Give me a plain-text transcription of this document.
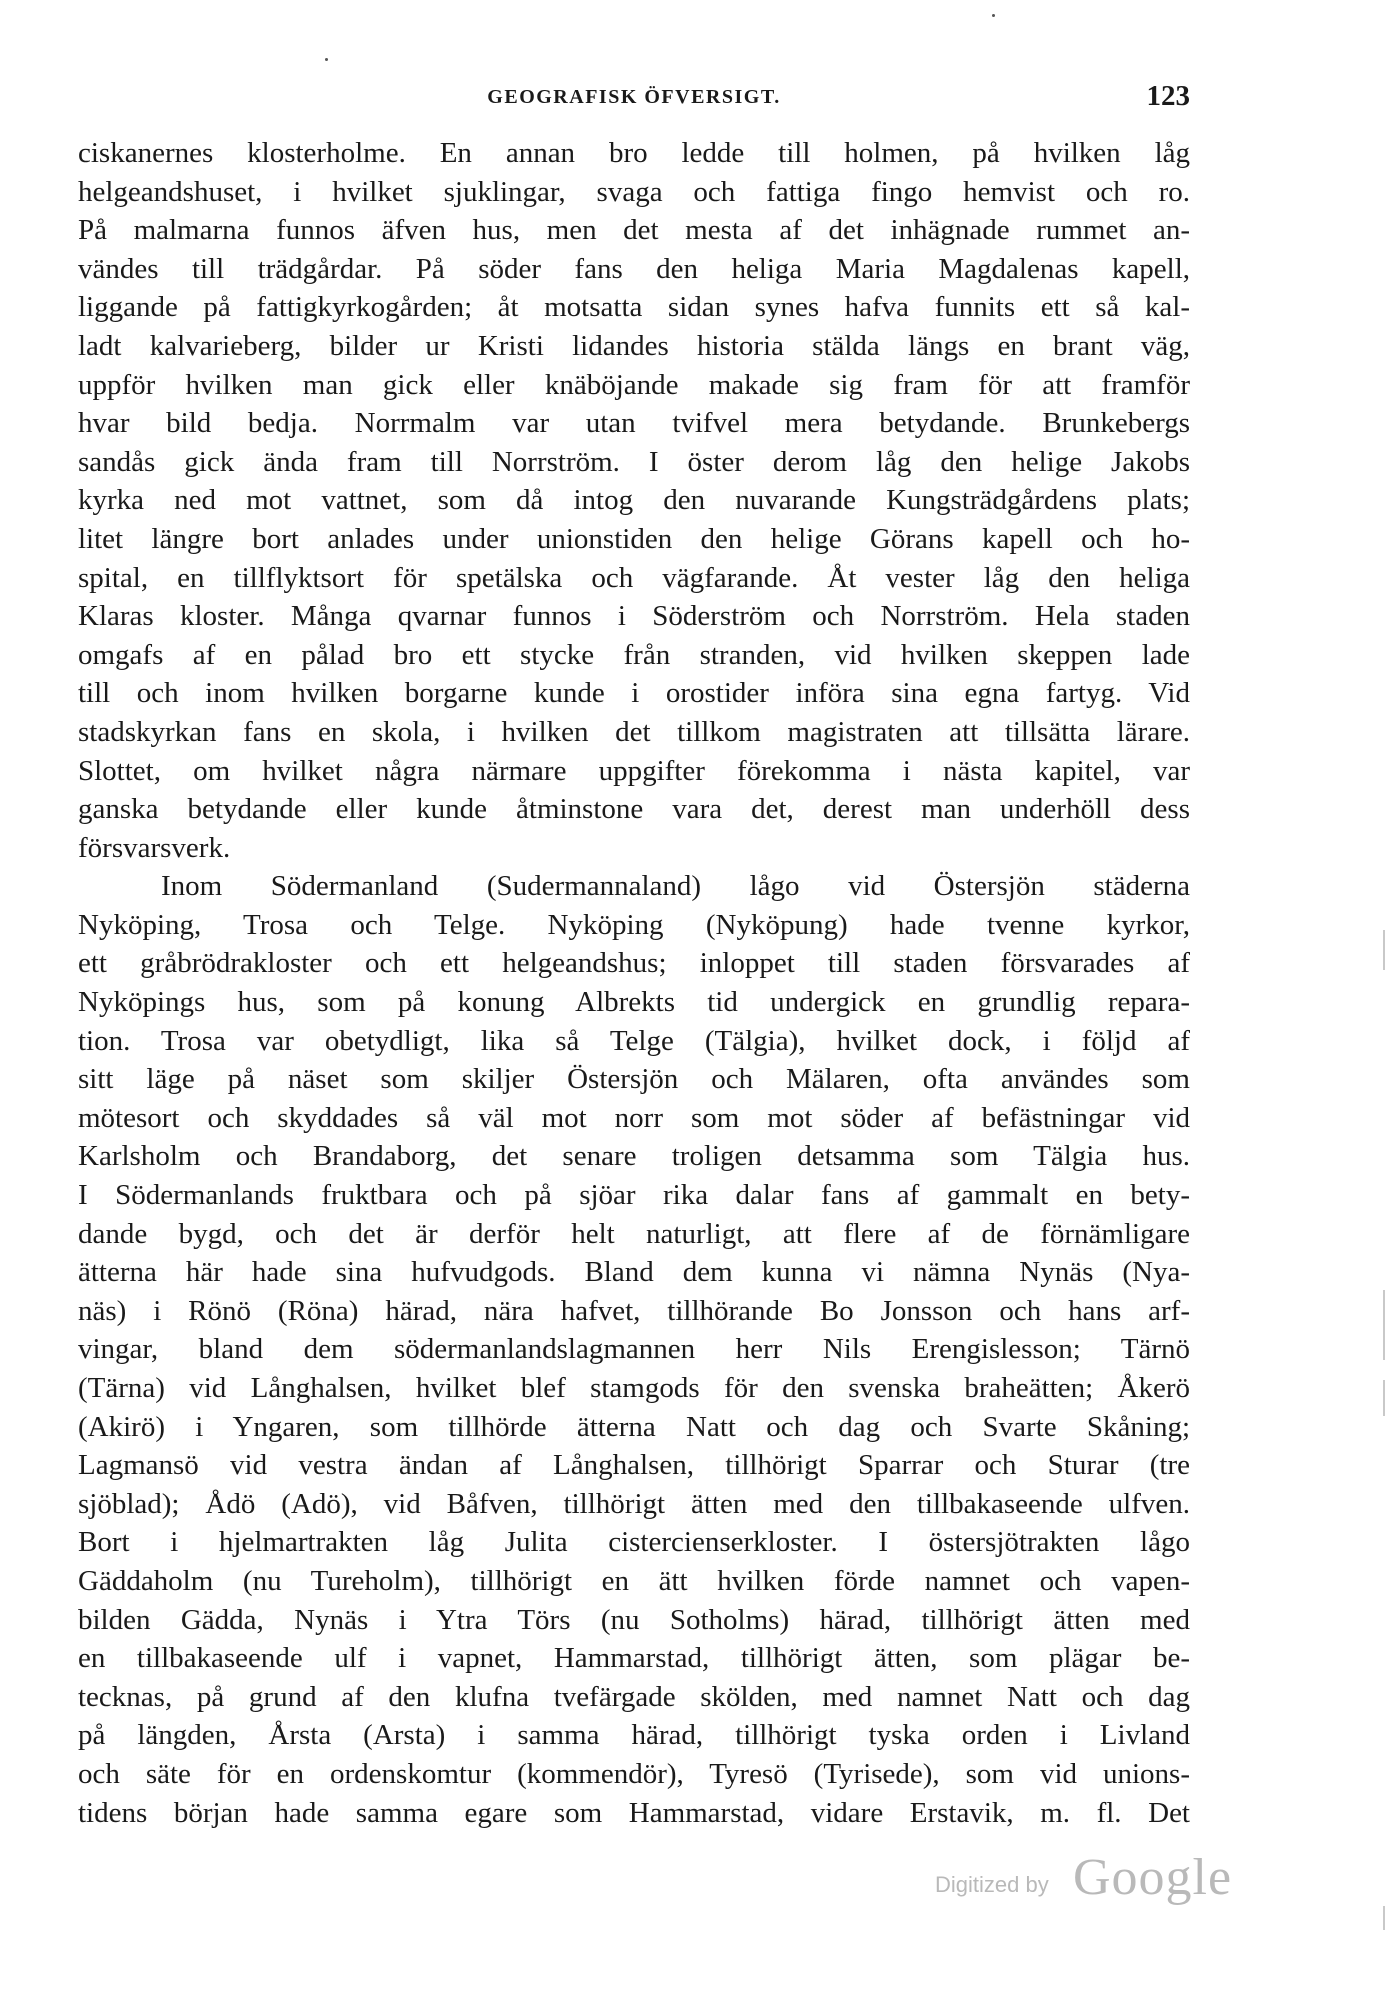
GEOGRAFISK ÖFVERSIGT.	123
ciskanernes klosterholme. En annan bro ledde till holmen, på hvilken låg
helgeandshuset, i hvilket sjuklingar, svaga och fattiga fingo hemvist och ro.
På malmarna funnos äfven hus, men det mesta af det inhägnade rummet an-
vändes till trädgårdar. På söder fans den heliga Maria Magdalenas kapell,
liggande på fattigkyrkogården; åt motsatta sidan synes hafva funnits ett så kal-
ladt kalvarieberg, bilder ur Kristi lidandes historia stälda längs en brant väg,
uppför hvilken man gick eller knäböjande makade sig fram för att framför
hvar bild bedja. Norrmalm var utan tvifvel mera betydande. Brunkebergs
sandås gick ända fram till Norrström. I öster derom låg den helige Jakobs
kyrka ned mot vattnet, som då intog den nuvarande Kungsträdgårdens plats;
litet längre bort anlades under unionstiden den helige Görans kapell och ho-
spital, en tillflyktsort för spetälska och vägfarande. Åt vester låg den heliga
Klaras kloster. Många qvarnar funnos i Söderström och Norrström. Hela staden
omgafs af en pålad bro ett stycke från stranden, vid hvilken skeppen lade
till och inom hvilken borgarne kunde i orostider införa sina egna fartyg. Vid
stadskyrkan fans en skola, i hvilken det tillkom magistraten att tillsätta lärare.
Slottet, om hvilket några närmare uppgifter förekomma i nästa kapitel, var
ganska betydande eller kunde åtminstone vara det, derest man underhöll dess
försvarsverk.
Inom Södermanland (Sudermannaland) lågo vid Östersjön städerna
Nyköping, Trosa och Telge. Nyköping (Nyköpung) hade tvenne kyrkor,
ett gråbrödrakloster och ett helgeandshus; inloppet till staden försvarades af
Nyköpings hus, som på konung Albrekts tid undergick en grundlig repara-
tion. Trosa var obetydligt, lika så Telge (Tälgia), hvilket dock, i följd af
sitt läge på näset som skiljer Östersjön och Mälaren, ofta användes som
mötesort och skyddades så väl mot norr som mot söder af befästningar vid
Karlsholm och Brandaborg, det senare troligen detsamma som Tälgia hus.
I Södermanlands fruktbara och på sjöar rika dalar fans af gammalt en bety-
dande bygd, och det är derför helt naturligt, att flere af de förnämligare
ätterna här hade sina hufvudgods. Bland dem kunna vi nämna Nynäs (Nya-
näs) i Rönö (Röna) härad, nära hafvet, tillhörande Bo Jonsson och hans arf-
vingar, bland dem södermanlandslagmannen herr Nils Erengislesson; Tärnö
(Tärna) vid Långhalsen, hvilket blef stamgods för den svenska braheätten; Åkerö
(Akirö) i Yngaren, som tillhörde ätterna Natt och dag och Svarte Skåning;
Lagmansö vid vestra ändan af Långhalsen, tillhörigt Sparrar och Sturar (tre
sjöblad); Ådö (Adö), vid Båfven, tillhörigt ätten med den tillbakaseende ulfven.
Bort i hjelmartrakten låg Julita cistercienserkloster. I östersjötrakten lågo
Gäddaholm (nu Tureholm), tillhörigt en ätt hvilken förde namnet och vapen-
bilden Gädda, Nynäs i Ytra Törs (nu Sotholms) härad, tillhörigt ätten med
en tillbakaseende ulf i vapnet, Hammarstad, tillhörigt ätten, som plägar be-
tecknas, på grund af den klufna tvefärgade skölden, med namnet Natt och dag
på längden, Årsta (Arsta) i samma härad, tillhörigt tyska orden i Livland
och säte för en ordenskomtur (kommendör), Tyresö (Tyrisede), som vid unions-
tidens början hade samma egare som Hammarstad, vidare Erstavik, m. fl. Det
Digitized by Google
